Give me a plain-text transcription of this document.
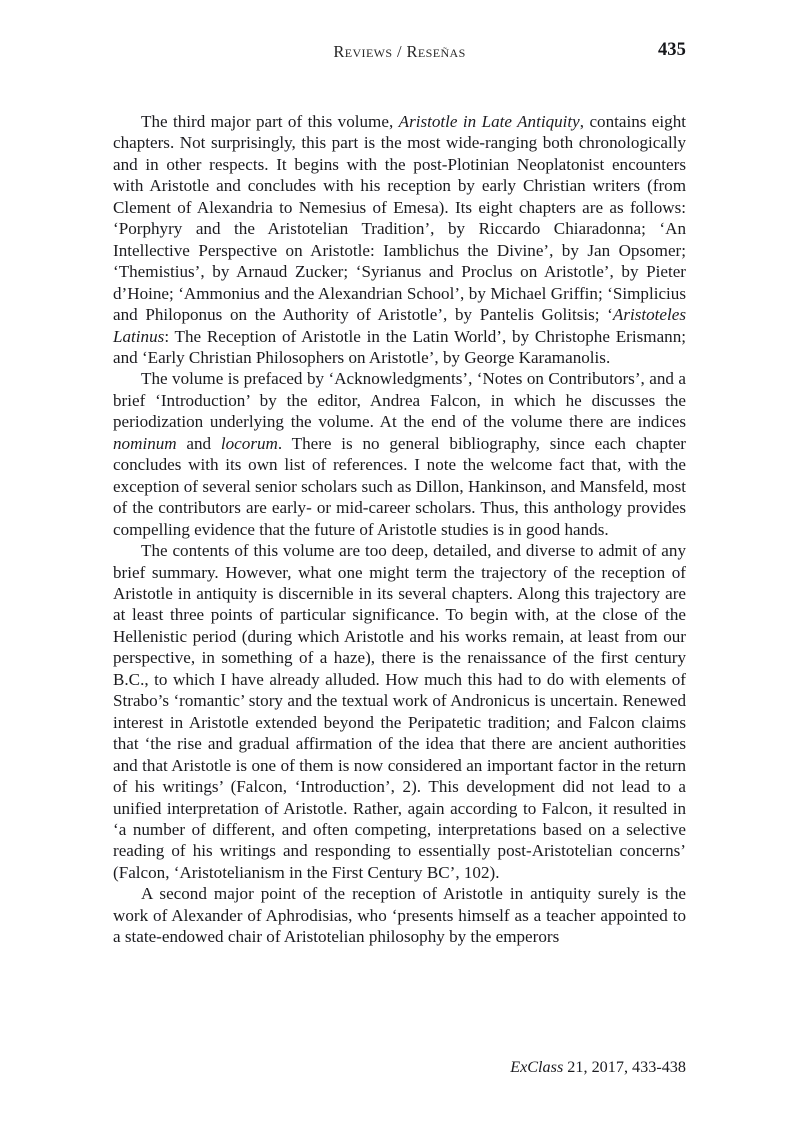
Reviews / Reseñas	435

The third major part of this volume, Aristotle in Late Antiquity, contains eight chapters. Not surprisingly, this part is the most wide-ranging both chronologically and in other respects. It begins with the post-Plotinian Neoplatonist encounters with Aristotle and concludes with his reception by early Christian writers (from Clement of Alexandria to Nemesius of Emesa). Its eight chapters are as follows: ‘Porphyry and the Aristotelian Tradition’, by Riccardo Chiaradonna; ‘An Intellective Perspective on Aristotle: Iamblichus the Divine’, by Jan Opsomer; ‘Themistius’, by Arnaud Zucker; ‘Syrianus and Proclus on Aristotle’, by Pieter d’Hoine; ‘Ammonius and the Alexandrian School’, by Michael Griffin; ‘Simplicius and Philoponus on the Authority of Aristotle’, by Pantelis Golitsis; ‘Aristoteles Latinus: The Reception of Aristotle in the Latin World’, by Christophe Erismann; and ‘Early Christian Philosophers on Aristotle’, by George Karamanolis.

The volume is prefaced by ‘Acknowledgments’, ‘Notes on Contributors’, and a brief ‘Introduction’ by the editor, Andrea Falcon, in which he discusses the periodization underlying the volume. At the end of the volume there are indices nominum and locorum. There is no general bibliography, since each chapter concludes with its own list of references. I note the welcome fact that, with the exception of several senior scholars such as Dillon, Hankinson, and Mansfeld, most of the contributors are early- or mid-career scholars. Thus, this anthology provides compelling evidence that the future of Aristotle studies is in good hands.

The contents of this volume are too deep, detailed, and diverse to admit of any brief summary. However, what one might term the trajectory of the reception of Aristotle in antiquity is discernible in its several chapters. Along this trajectory are at least three points of particular significance. To begin with, at the close of the Hellenistic period (during which Aristotle and his works remain, at least from our perspective, in something of a haze), there is the renaissance of the first century B.C., to which I have already alluded. How much this had to do with elements of Strabo’s ‘romantic’ story and the textual work of Andronicus is uncertain. Renewed interest in Aristotle extended beyond the Peripatetic tradition; and Falcon claims that ‘the rise and gradual affirmation of the idea that there are ancient authorities and that Aristotle is one of them is now considered an important factor in the return of his writings’ (Falcon, ‘Introduction’, 2). This development did not lead to a unified interpretation of Aristotle. Rather, again according to Falcon, it resulted in ‘a number of different, and often competing, interpretations based on a selective reading of his writings and responding to essentially post-Aristotelian concerns’ (Falcon, ‘Aristotelianism in the First Century BC’, 102).

A second major point of the reception of Aristotle in antiquity surely is the work of Alexander of Aphrodisias, who ‘presents himself as a teacher appointed to a state-endowed chair of Aristotelian philosophy by the emperors

ExClass 21, 2017, 433-438
